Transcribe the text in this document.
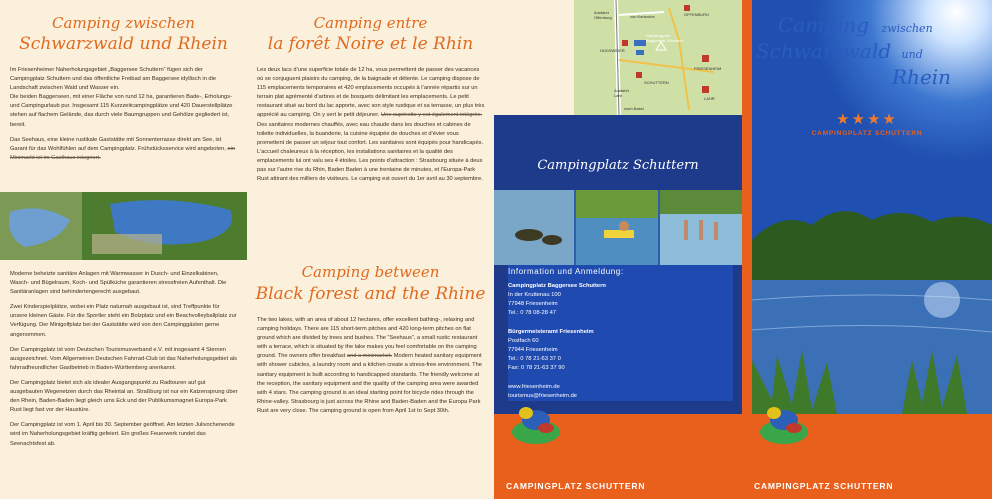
Camping zwischen
Schwarzwald und Rhein

Im Friesenheimer Naherholungsgebiet „Baggersee Schuttern“ fügen sich der Campingplatz Schuttern und das öffentliche Freibad am Baggersee idyllisch in die Landschaft zwischen Wald und Wasser ein.
Die beiden Baggerseen, mit einer Fläche von rund 12 ha, garantieren Bade-, Erholungs- und Campingurlaub pur. Insgesamt 115 Kurzzeitcampingplätze und 420 Dauerstellplätze stehen auf flachem Gelände, das durch viele Baumgruppen und Gehölze gegliedert ist, bereit.

Das Seehaus, eine kleine rustikale Gaststätte mit Sonnenterrasse direkt am See, ist Garant für das Wohlfühlen auf dem Campingplatz. Frühstücksservice wird angeboten, ein Minimarkt ist im Gasthaus integriert.

Moderne beheizte sanitäre Anlagen mit Warmwasser in Dusch- und Einzelkabinen, Wasch- und Bügelraum, Koch- und Spülküche garantieren stressfreien Aufenthalt. Die Sanitäranlagen sind behindertengerecht ausgebaut.

Zwei Kinderspielplätze, wobei ein Platz naturnah ausgebaut ist, sind Treffpunkte für unsere kleinen Gäste. Für die Sportler steht ein Bolzplatz und ein Beachvolleyballplatz zur Verfügung. Der Minigolfplatz bei der Gaststätte wird von den Campinggästen gerne angenommen.

Der Campingplatz ist vom Deutschen Tourismusverband e.V. mit insgesamt 4 Sternen ausgezeichnet. Vom Allgemeinen Deutschen Fahrrad-Club ist das Naherholungsgebiet als fahrradfreundlicher Gastbetrieb in Baden-Württemberg anerkannt.

Der Campingplatz bietet sich als idealer Ausgangspunkt zu Radtouren auf gut ausgebauten Wegenetzen durch das Rheintal an. Straßburg ist nur ein Katzensprung über den Rhein, Baden-Baden liegt gleich ums Eck und der Publikumsmagnet Europa-Park Rust liegt fast vor der Haustüre.

Der Campingplatz ist vom 1. April bis 30. September geöffnet. Am letzten Julivochenende wird im Naherholungsgebiet kräftig gefeiert. Ein großes Feuerwerk rundet das Seenachtsfest ab.

Camping entre
la forêt Noire et le Rhin

Les deux lacs d’une superficie totale de 12 ha, vous permettent de passer des vacances où se conjuguent plaisirs du camping, de la baignade et détente. Le camping dispose de 115 emplacements temporaires et 420 emplacements occupés à l’année répartis sur un terrain plat agrémenté d’arbres et de bosquets délimitant les emplacements. Le petit restaurant situé au bord du lac apporte, avec son style rustique et sa terrasse, un plus très apprécié au camping. On y sert le petit déjeuner. Une supérette y est également intégrée. Des sanitaires modernes chauffés, avec eau chaude dans les douches et cabines de toilette individuelles, la buanderie, la cuisine équipée de douches et d’évier vous promettent de passer un séjour tout confort. Les sanitaires sont équipés pour handicapés. L’accueil chaleureux à la réception, les installations sanitaires et la qualité des emplacements lui ont valu ses 4 étoiles. Les points d’attraction : Strasbourg située à deux pas sur l’autre rive du Rhin, Baden Baden à une trentaine de minutes, et l’Europa-Park Rust attirant des milliers de visiteurs. Le camping est ouvert du 1er avril au 30 septembre.

Camping between
Black forest and the Rhine

The two lakes, with an area of about 12 hectares, offer excellent bathing-, relaxing and camping holidays. There are 115 short-term pitches and 420 long-term pitches on flat ground which are divided by trees and bushes. The “Seehaus”, a small rustic restaurant with a terrace, which is situated by the lake makes you feel comfortable on the camping ground. The owners offer breakfast and a minimarket. Modern heated sanitary equipment with shower cubicles, a laundry room and a kitchen create a stress-free environment. The sanitary equipment is built according to handicapped standards. The friendly welcome at the reception, the sanitary equipment and the quality of the camping area were awarded with 4 stars. The camping ground is an ideal starting point for bicycle rides through the Rhine-valley. Strasbourg is just across the Rhine and Baden-Baden and the Europa Park Rust are very close. The camping ground is open from April 1st to Sept 30th.

OFFENBURG
von Karlsruhe
Ausfahrt Offenburg
HÜGSWEIER
Campingplatz Baggersee Schuttern
FRIESENHEIM
SCHUTTERN
Ausfahrt Lahr
LAHR
nach Basel
Campingplatz Schuttern
Information und Anmeldung:
Campingplatz Baggersee Schuttern
In der Kruttenau 100
77948 Friesenheim
Tel.: 0 78 08-28 47
Bürgermeisteramt Friesenheim
Postfach 60
77944 Friesenheim
Tel.: 0 78 21-63 37 0
Fax: 0 78 21-63 37 90
www.friesenheim.de
tourismus@friesenheim.de
CAMPINGPLATZ SCHUTTERN
Camping zwischen
Schwarzwald und
Rhein
★★★★
CAMPINGPLATZ SCHUTTERN
CAMPINGPLATZ SCHUTTERN
